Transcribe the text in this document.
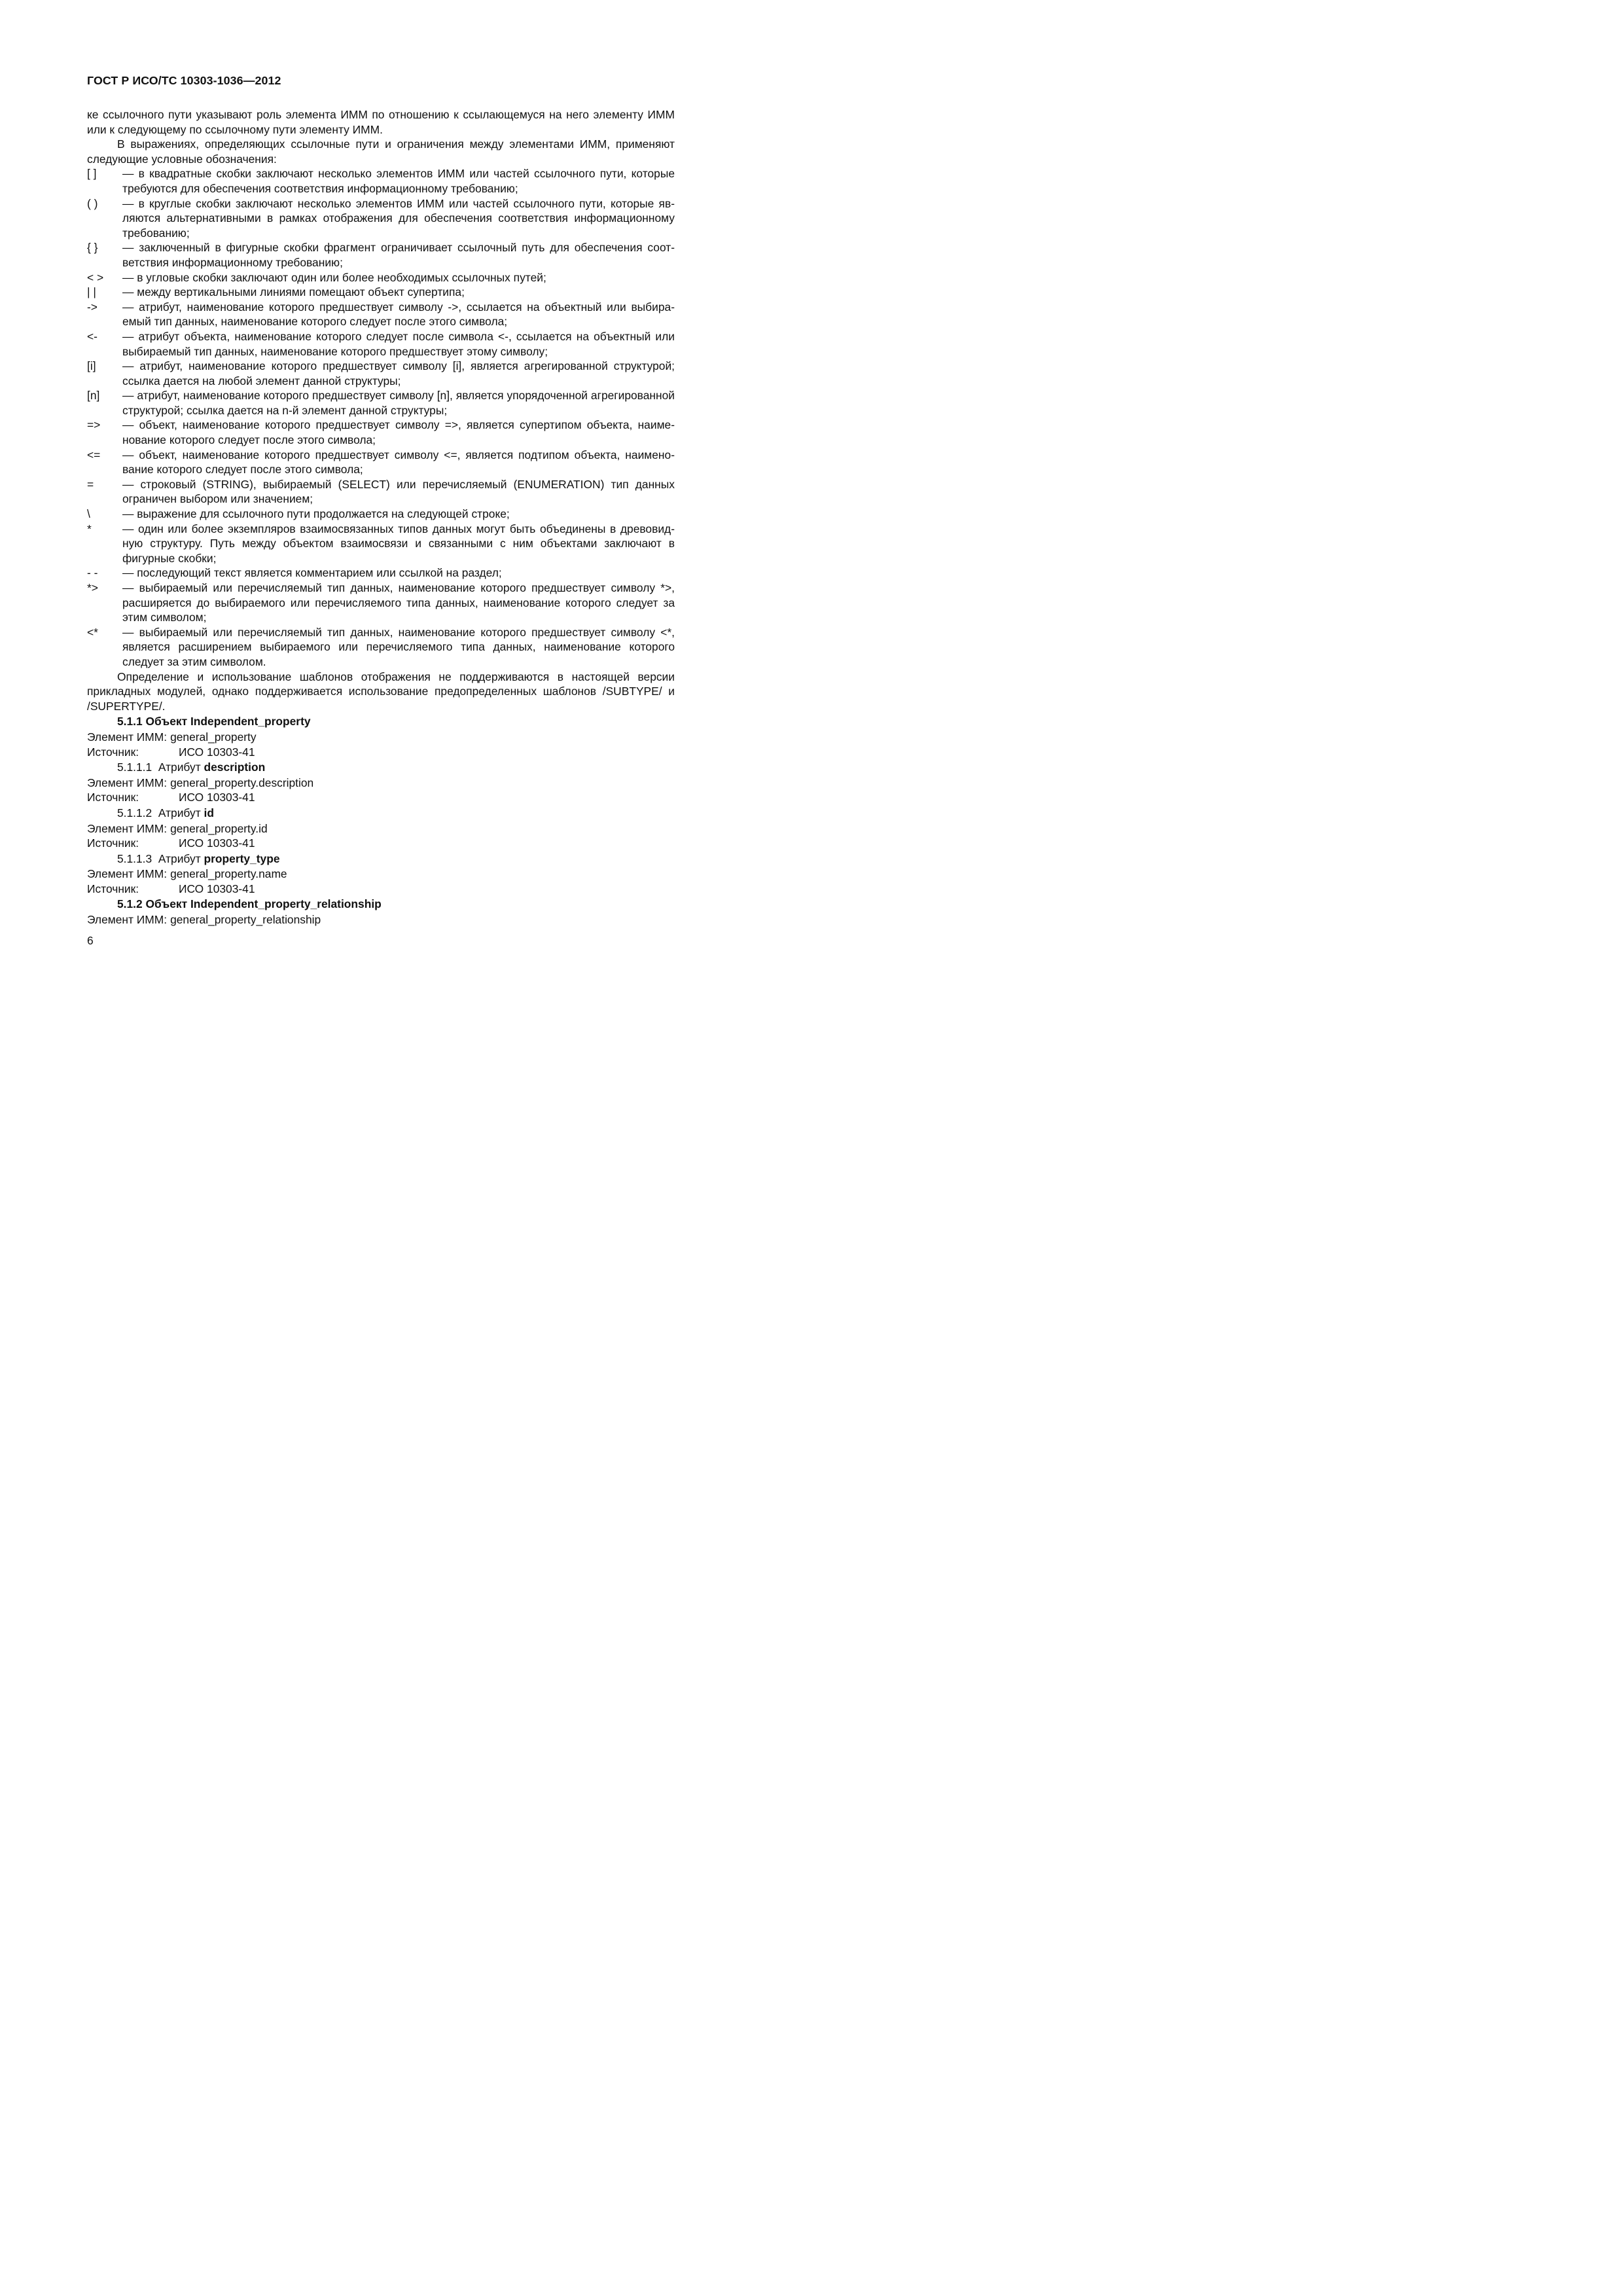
ГОСТ Р ИСО/ТС 10303-1036—2012

ке ссылочного пути указывают роль элемента ИММ по отношению к ссылающемуся на него элементу ИММ или к следующему по ссылочному пути элементу ИММ.

В выражениях, определяющих ссылочные пути и ограничения между элементами ИММ, применяют следующие условные обозначения:

[ ] — в квадратные скобки заключают несколько элементов ИММ или частей ссылочного пути, которые требуются для обеспечения соответствия информационному требованию;
( ) — в круглые скобки заключают несколько элементов ИММ или частей ссылочного пути, которые являются альтернативными в рамках отображения для обеспечения соответствия информационному требованию;
{ } — заключенный в фигурные скобки фрагмент ограничивает ссылочный путь для обеспечения соответствия информационному требованию;
< > — в угловые скобки заключают один или более необходимых ссылочных путей;
| | — между вертикальными линиями помещают объект супертипа;
-> — атрибут, наименование которого предшествует символу ->, ссылается на объектный или выбираемый тип данных, наименование которого следует после этого символа;
<- — атрибут объекта, наименование которого следует после символа <-, ссылается на объектный или выбираемый тип данных, наименование которого предшествует этому символу;
[i] — атрибут, наименование которого предшествует символу [i], является агрегированной структурой; ссылка дается на любой элемент данной структуры;
[n] — атрибут, наименование которого предшествует символу [n], является упорядоченной агрегированной структурой; ссылка дается на n-й элемент данной структуры;
=> — объект, наименование которого предшествует символу =>, является супертипом объекта, наименование которого следует после этого символа;
<= — объект, наименование которого предшествует символу <=, является подтипом объекта, наименование которого следует после этого символа;
=	— строковый (STRING), выбираемый (SELECT) или перечисляемый (ENUMERATION) тип данных ограничен выбором или значением;
\	— выражение для ссылочного пути продолжается на следующей строке;
*	— один или более экземпляров взаимосвязанных типов данных могут быть объединены в древовидную структуру. Путь между объектом взаимосвязи и связанными с ним объектами заключают в фигурные скобки;
- - — последующий текст является комментарием или ссылкой на раздел;
*> — выбираемый или перечисляемый тип данных, наименование которого предшествует символу *>, расширяется до выбираемого или перечисляемого типа данных, наименование которого следует за этим символом;
<* — выбираемый или перечисляемый тип данных, наименование которого предшествует символу <*, является расширением выбираемого или перечисляемого типа данных, наименование которого следует за этим символом.

Определение и использование шаблонов отображения не поддерживаются в настоящей версии прикладных модулей, однако поддерживается использование предопределенных шаблонов /SUBTYPE/ и /SUPERTYPE/.

5.1.1 Объект Independent_property
Элемент ИММ: general_property
Источник:	ИСО 10303-41
5.1.1.1 Атрибут description
Элемент ИММ: general_property.description
Источник:	ИСО 10303-41
5.1.1.2 Атрибут id
Элемент ИММ: general_property.id
Источник:	ИСО 10303-41
5.1.1.3 Атрибут property_type
Элемент ИММ: general_property.name
Источник:	ИСО 10303-41
5.1.2 Объект Independent_property_relationship
Элемент ИММ: general_property_relationship
6
